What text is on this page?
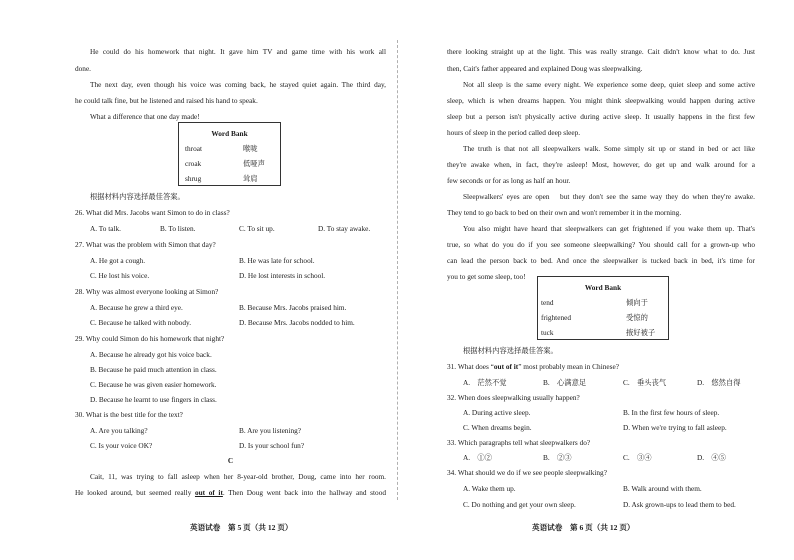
He could do his homework that night. It gave him TV and game time with his work all
done.
The next day, even though his voice was coming back, he stayed quiet again. The third day,
he could talk fine, but he listened and raised his hand to speak.
What a difference that one day made!
Word Bank
throat	喉咙
croak	低哑声
shrug	耸肩
根据材料内容选择最佳答案。
26. What did Mrs. Jacobs want Simon to do in class?
A. To talk.	B. To listen.	C. To sit up.	D. To stay awake.
27. What was the problem with Simon that day?
A. He got a cough.	B. He was late for school.
C. He lost his voice.	D. He lost interests in school.
28. Why was almost everyone looking at Simon?
A. Because he grew a third eye.	B. Because Mrs. Jacobs praised him.
C. Because he talked with nobody.	D. Because Mrs. Jacobs nodded to him.
29. Why could Simon do his homework that night?
A. Because he already got his voice back.
B. Because he paid much attention in class.
C. Because he was given easier homework.
D. Because he learnt to use fingers in class.
30. What is the best title for the text?
A. Are you talking?	B. Are you listening?
C. Is your voice OK?	D. Is your school fun?
C
Cait, 11, was trying to fall asleep when her 8-year-old brother, Doug, came into her room.
He looked around, but seemed really out of it. Then Doug went back into the hallway and stood
英语试卷　第 5 页（共 12 页）
there looking straight up at the light. This was really strange. Cait didn't know what to do. Just
then, Cait's father appeared and explained Doug was sleepwalking.
Not all sleep is the same every night. We experience some deep, quiet sleep and some active
sleep, which is when dreams happen. You might think sleepwalking would happen during active
sleep but a person isn't physically active during active sleep. It usually happens in the first few
hours of sleep in the period called deep sleep.
The truth is that not all sleepwalkers walk. Some simply sit up or stand in bed or act like
they're awake when, in fact, they're asleep! Most, however, do get up and walk around for a
few seconds or for as long as half an hour.
Sleepwalkers' eyes are open　but they don't see the same way they do when they're awake.
They tend to go back to bed on their own and won't remember it in the morning.
You also might have heard that sleepwalkers can get frightened if you wake them up. That's
true, so what do you do if you see someone sleepwalking? You should call for a grown-up who
can lead the person back to bed. And once the sleepwalker is tucked back in bed, it's time for
you to get some sleep, too!
Word Bank
tend	倾向于
frightened	受惊的
tuck	掖好被子
根据材料内容选择最佳答案。
31. What does “out of it” most probably mean in Chinese?
A.　茫然不觉	B.　心满意足	C.　垂头丧气	D.　悠然自得
32. When does sleepwalking usually happen?
A. During active sleep.	B. In the first few hours of sleep.
C. When dreams begin.	D. When we're trying to fall asleep.
33. Which paragraphs tell what sleepwalkers do?
A.　①②	B.　②③	C.　③④	D.　④⑤
34. What should we do if we see people sleepwalking?
A. Wake them up.	B. Walk around with them.
C. Do nothing and get your own sleep.	D. Ask grown-ups to lead them to bed.
英语试卷　第 6 页（共 12 页）
